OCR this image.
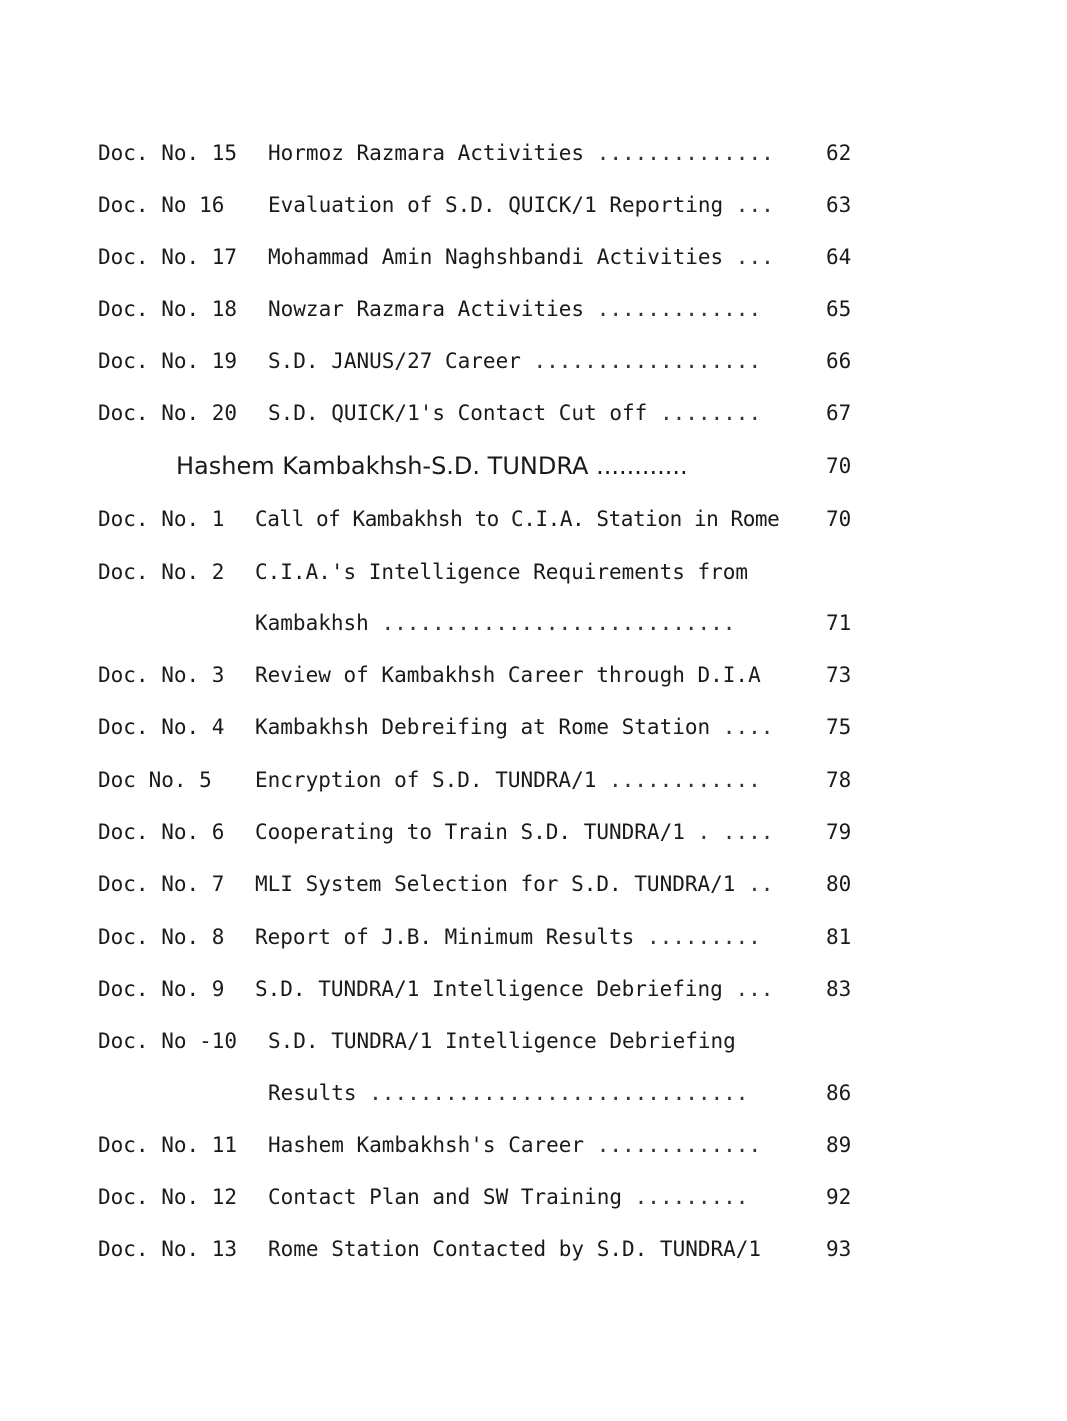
Doc. No. 15 Hormoz Razmara Activities ..............	62
Doc. No 16 Evaluation of S.D. QUICK/1 Reporting ...	63
Doc. No. 17 Mohammad Amin Naghshbandi Activities ...	64
Doc. No. 18 Nowzar Razmara Activities .............	65
Doc. No. 19 S.D. JANUS/27 Career ..................	66
Doc. No. 20 S.D. QUICK/1's Contact Cut off ........	67
Hashem Kambakhsh-S.D. TUNDRA ............	70
Doc. No. 1 Call of Kambakhsh to C.I.A. Station in Rome	70
Doc. No. 2 C.I.A.'s Intelligence Requirements from
Kambakhsh ............................	71
Doc. No. 3 Review of Kambakhsh Career through D.I.A	73
Doc. No. 4 Kambakhsh Debreifing at Rome Station ....	75
Doc No. 5 Encryption of S.D. TUNDRA/1 ............	78
Doc. No. 6 Cooperating to Train S.D. TUNDRA/1 . ....	79
Doc. No. 7 MLI System Selection for S.D. TUNDRA/1 ..	80
Doc. No. 8 Report of J.B. Minimum Results .........	81
Doc. No. 9 S.D. TUNDRA/1 Intelligence Debriefing ...	83
Doc. No -10 S.D. TUNDRA/1 Intelligence Debriefing
Results ..............................	86
Doc. No. 11 Hashem Kambakhsh's Career .............	89
Doc. No. 12 Contact Plan and SW Training .........	92
Doc. No. 13 Rome Station Contacted by S.D. TUNDRA/1	93
